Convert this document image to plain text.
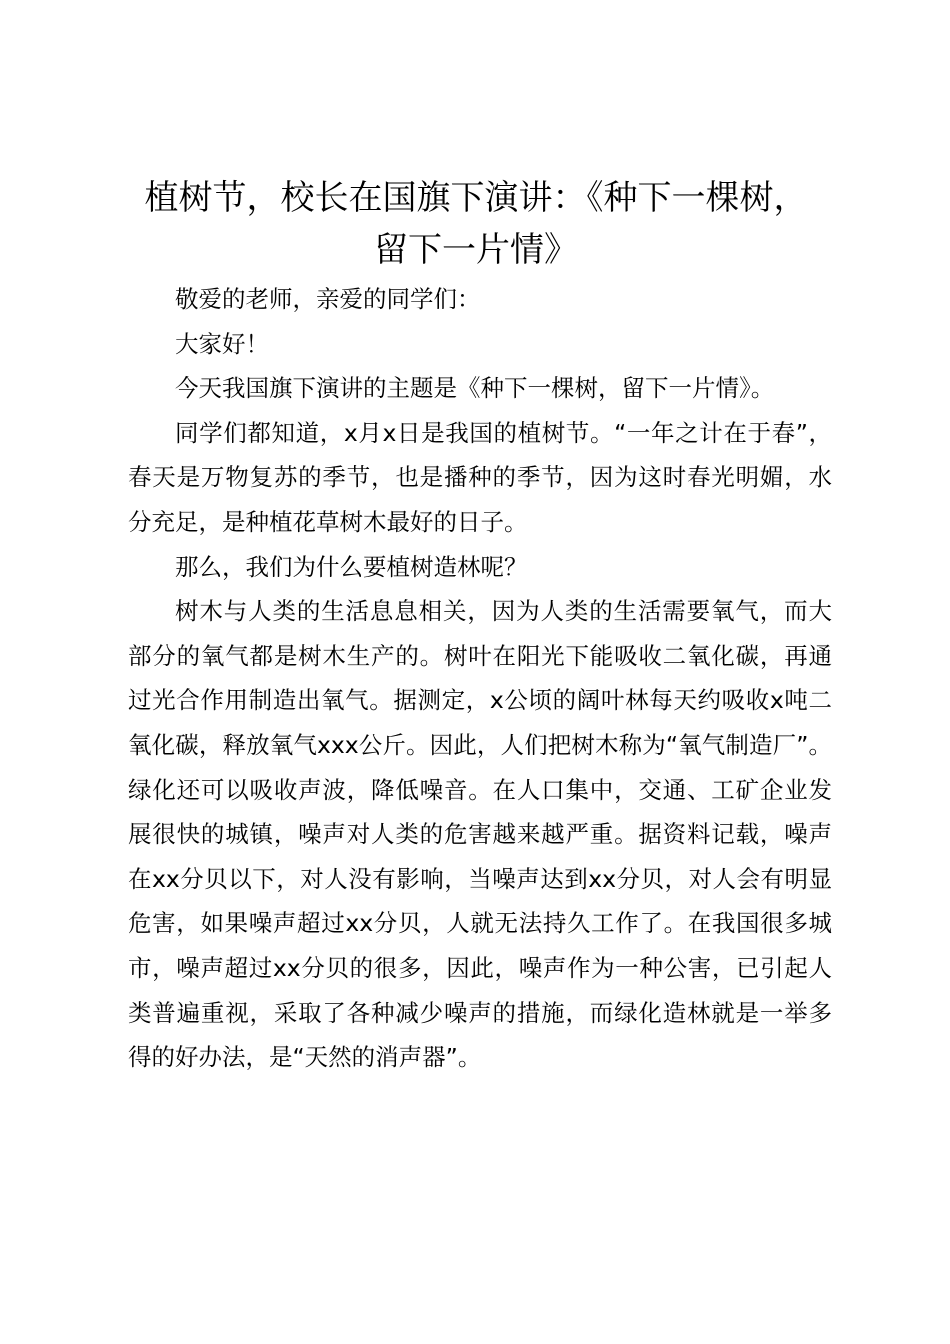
植树节，校长在国旗下演讲：《种下一棵树，
留下一片情》

敬爱的老师，亲爱的同学们：

大家好！

今天我国旗下演讲的主题是《种下一棵树，留下一片情》。

同学们都知道，x月x日是我国的植树节。“一年之计在于春”，春天是万物复苏的季节，也是播种的季节，因为这时春光明媚，水分充足，是种植花草树木最好的日子。

那么，我们为什么要植树造林呢？

树木与人类的生活息息相关，因为人类的生活需要氧气，而大部分的氧气都是树木生产的。树叶在阳光下能吸收二氧化碳，再通过光合作用制造出氧气。据测定，x公顷的阔叶林每天约吸收x吨二氧化碳，释放氧气xxx公斤。因此，人们把树木称为“氧气制造厂”。绿化还可以吸收声波，降低噪音。在人口集中，交通、工矿企业发展很快的城镇，噪声对人类的危害越来越严重。据资料记载，噪声在xx分贝以下，对人没有影响，当噪声达到xx分贝，对人会有明显危害，如果噪声超过xx分贝，人就无法持久工作了。在我国很多城市，噪声超过xx分贝的很多，因此，噪声作为一种公害，已引起人类普遍重视，采取了各种减少噪声的措施，而绿化造林就是一举多得的好办法，是“天然的消声器”。
